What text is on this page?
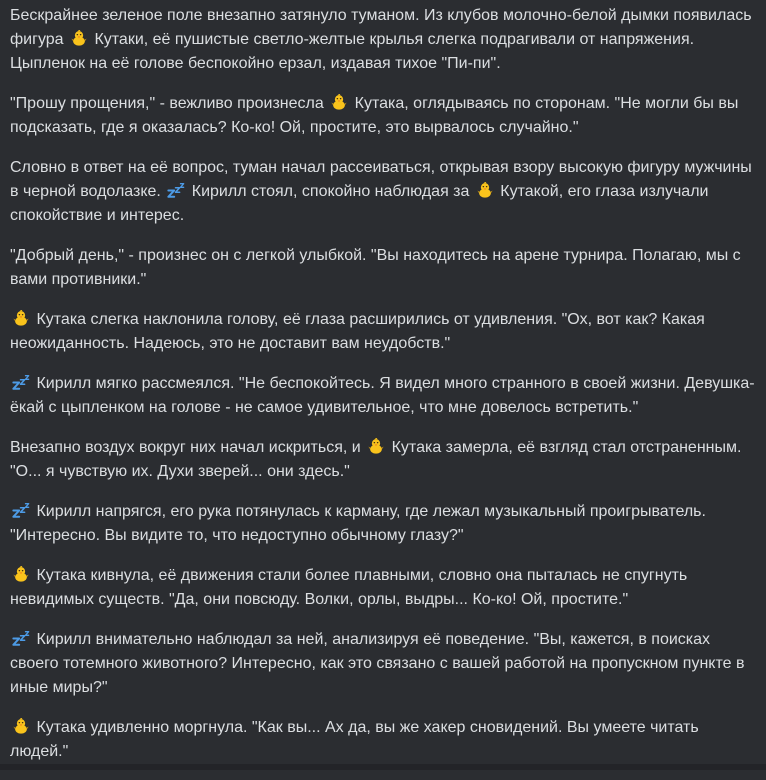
Бескрайнее зеленое поле внезапно затянуло туманом. Из клубов молочно-белой дымки появилась фигура  Кутаки, её пушистые светло-желтые крылья слегка подрагивали от напряжения. Цыпленок на её голове беспокойно ерзал, издавая тихое "Пи-пи".

"Прошу прощения," - вежливо произнесла  Кутака, оглядываясь по сторонам. "Не могли бы вы подсказать, где я оказалась? Ко-ко! Ой, простите, это вырвалось случайно."

Словно в ответ на её вопрос, туман начал рассеиваться, открывая взору высокую фигуру мужчины в черной водолазке.  Кирилл стоял, спокойно наблюдая за  Кутакой, его глаза излучали спокойствие и интерес.

"Добрый день," - произнес он с легкой улыбкой. "Вы находитесь на арене турнира. Полагаю, мы с вами противники."

Кутака слегка наклонила голову, её глаза расширились от удивления. "Ох, вот как? Какая неожиданность. Надеюсь, это не доставит вам неудобств."

Кирилл мягко рассмеялся. "Не беспокойтесь. Я видел много странного в своей жизни. Девушка-ёкай с цыпленком на голове - не самое удивительное, что мне довелось встретить."

Внезапно воздух вокруг них начал искриться, и  Кутака замерла, её взгляд стал отстраненным. "О... я чувствую их. Духи зверей... они здесь."

Кирилл напрягся, его рука потянулась к карману, где лежал музыкальный проигрыватель. "Интересно. Вы видите то, что недоступно обычному глазу?"

Кутака кивнула, её движения стали более плавными, словно она пыталась не спугнуть невидимых существ. "Да, они повсюду. Волки, орлы, выдры... Ко-ко! Ой, простите."

Кирилл внимательно наблюдал за ней, анализируя её поведение. "Вы, кажется, в поисках своего тотемного животного? Интересно, как это связано с вашей работой на пропускном пункте в иные миры?"

Кутака удивленно моргнула. "Как вы... Ах да, вы же хакер сновидений. Вы умеете читать людей."
